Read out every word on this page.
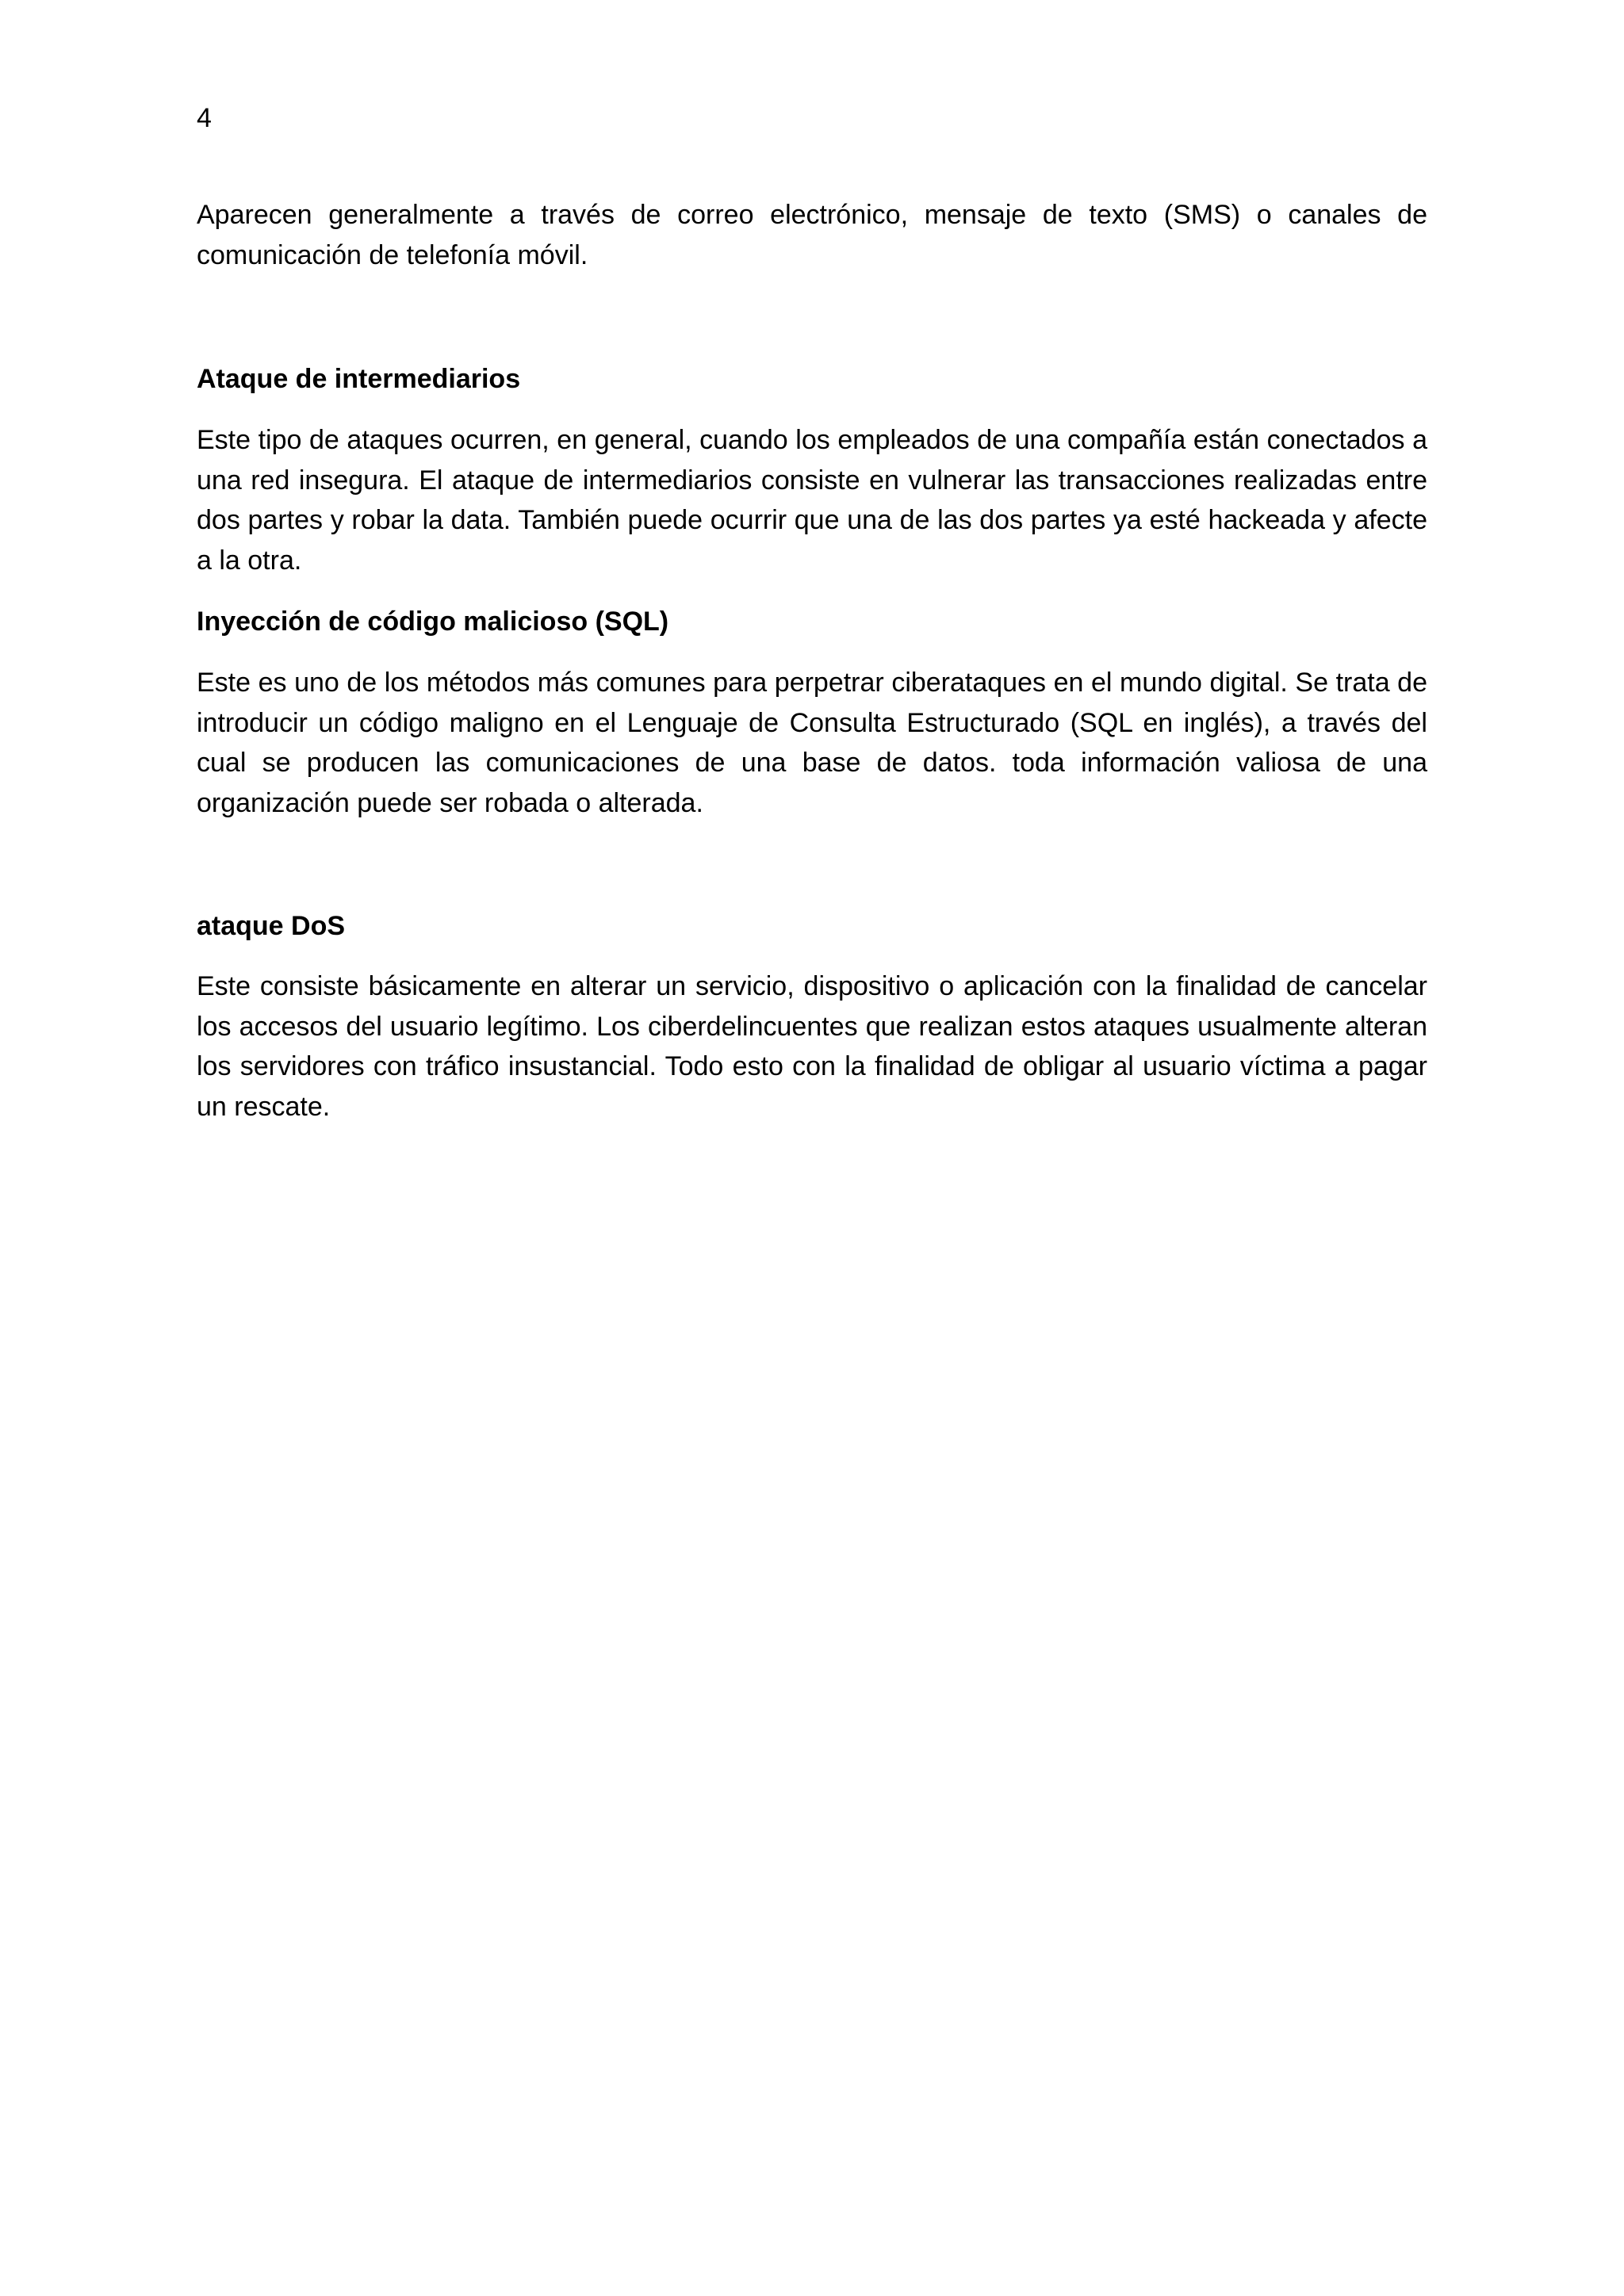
4

Aparecen generalmente a través de correo electrónico, mensaje de texto (SMS) o canales de comunicación de telefonía móvil.

Ataque de intermediarios

Este tipo de ataques ocurren, en general, cuando los empleados de una compañía están conectados a una red insegura. El ataque de intermediarios consiste en vulnerar las transacciones realizadas entre dos partes y robar la data. También puede ocurrir que una de las dos partes ya esté hackeada y afecte a la otra.

Inyección de código malicioso (SQL)

Este es uno de los métodos más comunes para perpetrar ciberataques en el mundo digital. Se trata de introducir un código maligno en el Lenguaje de Consulta Estructurado (SQL en inglés), a través del cual se producen las comunicaciones de una base de datos. toda información valiosa de una organización puede ser robada o alterada.

ataque DoS

Este consiste básicamente en alterar un servicio, dispositivo o aplicación con la finalidad de cancelar los accesos del usuario legítimo. Los ciberdelincuentes que realizan estos ataques usualmente alteran los servidores con tráfico insustancial. Todo esto con la finalidad de obligar al usuario víctima a pagar un rescate.
